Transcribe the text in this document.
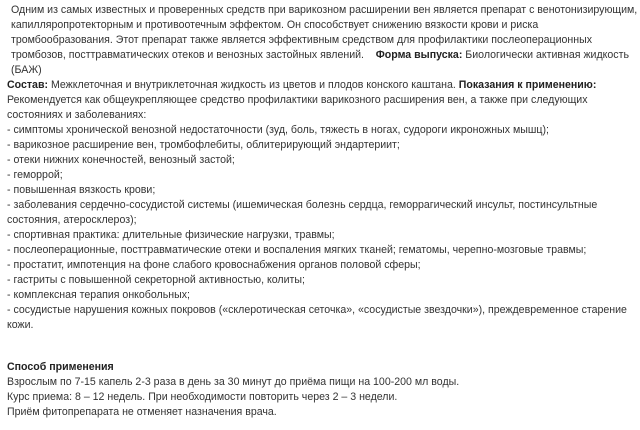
Одним из самых известных и проверенных средств при варикозном расширении вен является препарат с венотонизирующим,
капилляропротекторным и противоотечным эффектом. Он способствует снижению вязкости крови и риска
тромбообразования. Этот препарат также является эффективным средством для профилактики послеоперационных
тромбозов, посттравматических отеков и венозных застойных явлений. Форма выпуска: Биологически активная жидкость
(БАЖ)
Состав: Межклеточная и внутриклеточная жидкость из цветов и плодов конского каштана. Показания к применению:
Рекомендуется как общеукрепляющее средство профилактики варикозного расширения вен, а также при следующих
состояниях и заболеваниях:
- симптомы хронической венозной недостаточности (зуд, боль, тяжесть в ногах, судороги икроножных мышц);
- варикозное расширение вен, тромбофлебиты, облитерирующий эндартериит;
- отеки нижних конечностей, венозный застой;
- геморрой;
- повышенная вязкость крови;
- заболевания сердечно-сосудистой системы (ишемическая болезнь сердца, геморрагический инсульт, постинсультные
состояния, атеросклероз);
- спортивная практика: длительные физические нагрузки, травмы;
- послеоперационные, посттравматические отеки и воспаления мягких тканей; гематомы, черепно-мозговые травмы;
- простатит, импотенция на фоне слабого кровоснабжения органов половой сферы;
- гастриты с повышенной секреторной активностью, колиты;
- комплексная терапия онкобольных;
- сосудистые нарушения кожных покровов («склеротическая сеточка», «сосудистые звездочки»), преждевременное старение
кожи.
Способ применения
Взрослым по 7-15 капель 2-3 раза в день за 30 минут до приёма пищи на 100-200 мл воды.
Курс приема: 8 – 12 недель. При необходимости повторить через 2 – 3 недели.
Приём фитопрепарата не отменяет назначения врача.
